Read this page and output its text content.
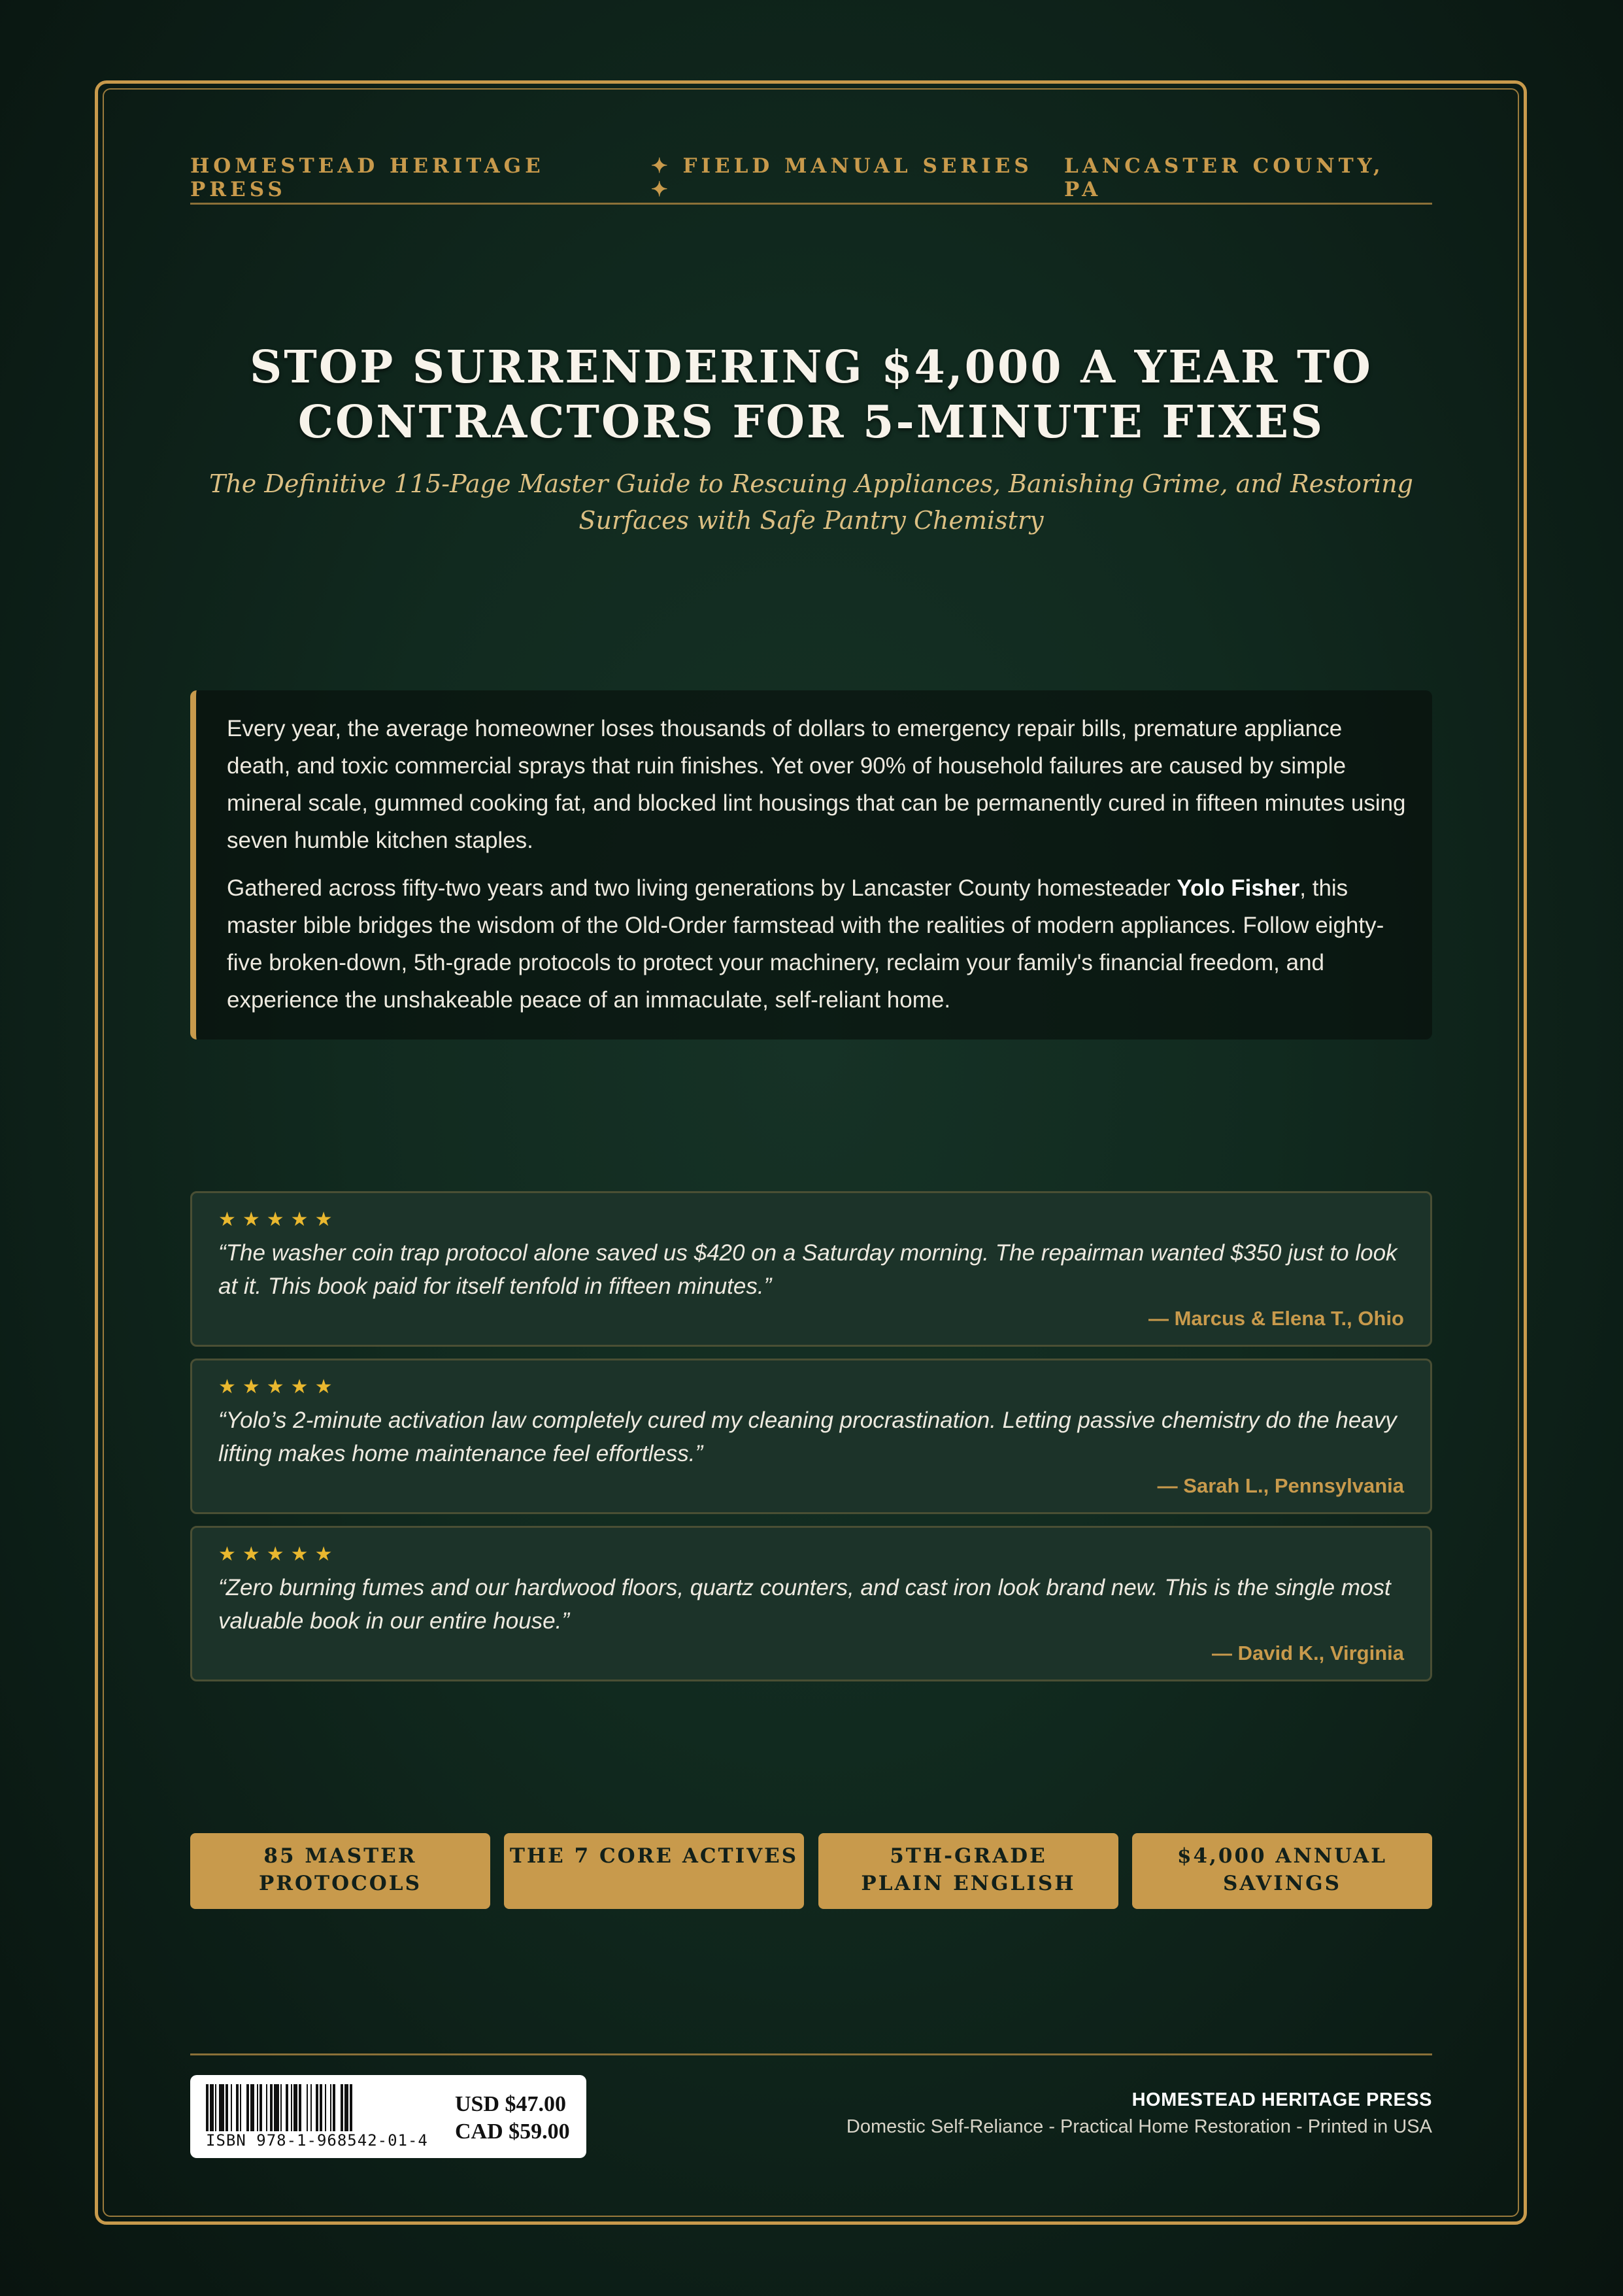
HOMESTEAD HERITAGE PRESS
✦ FIELD MANUAL SERIES ✦
LANCASTER COUNTY, PA
STOP SURRENDERING $4,000 A YEAR TO
CONTRACTORS FOR 5-MINUTE FIXES
The Definitive 115-Page Master Guide to Rescuing Appliances, Banishing Grime, and Restoring Surfaces with Safe Pantry Chemistry

Every year, the average homeowner loses thousands of dollars to emergency repair bills, premature appliance death, and toxic commercial sprays that ruin finishes. Yet over 90% of household failures are caused by simple mineral scale, gummed cooking fat, and blocked lint housings that can be permanently cured in fifteen minutes using seven humble kitchen staples.

Gathered across fifty-two years and two living generations by Lancaster County homesteader Yolo Fisher, this master bible bridges the wisdom of the Old-Order farmstead with the realities of modern appliances. Follow eighty-five broken-down, 5th-grade protocols to protect your machinery, reclaim your family's financial freedom, and experience the unshakeable peace of an immaculate, self-reliant home.

★★★★★
“The washer coin trap protocol alone saved us $420 on a Saturday morning. The repairman wanted $350 just to look at it. This book paid for itself tenfold in fifteen minutes.”
— Marcus & Elena T., Ohio
★★★★★
“Yolo’s 2-minute activation law completely cured my cleaning procrastination. Letting passive chemistry do the heavy lifting makes home maintenance feel effortless.”
— Sarah L., Pennsylvania
★★★★★
“Zero burning fumes and our hardwood floors, quartz counters, and cast iron look brand new. This is the single most valuable book in our entire house.”
— David K., Virginia
85 MASTER PROTOCOLS
THE 7 CORE ACTIVES	5TH-GRADE PLAIN ENGLISH
$4,000 ANNUAL SAVINGS
ISBN 978-1-968542-01-4
USD $47.00
CAD $59.00
HOMESTEAD HERITAGE PRESS
Domestic Self-Reliance - Practical Home Restoration - Printed in USA
